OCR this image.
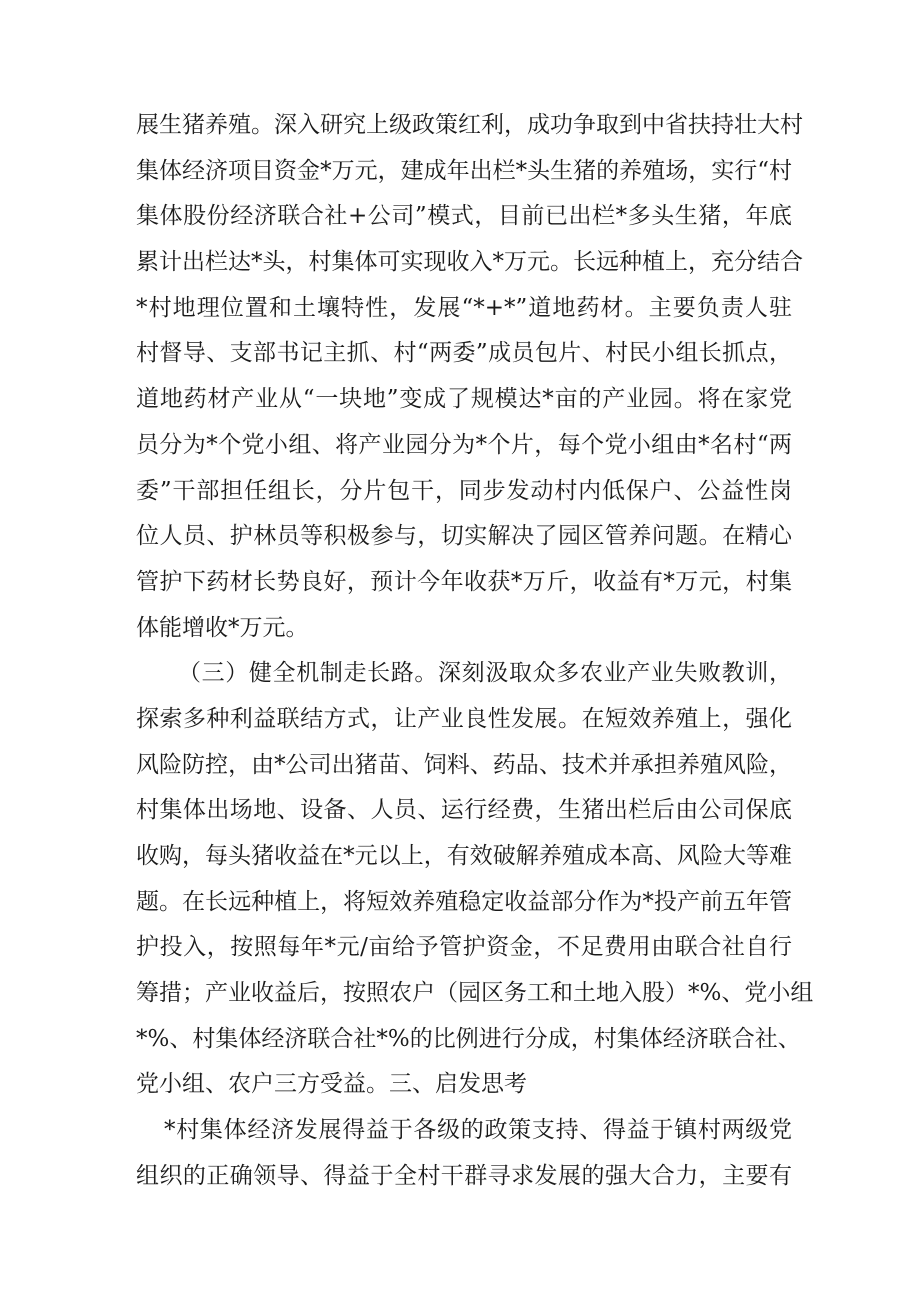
展生猪养殖。深入研究上级政策红利，成功争取到中省扶持壮大村
集体经济项目资金*万元，建成年出栏*头生猪的养殖场，实行“村
集体股份经济联合社+公司”模式，目前已出栏*多头生猪，年底
累计出栏达*头，村集体可实现收入*万元。长远种植上，充分结合
*村地理位置和土壤特性，发展“*+*”道地药材。主要负责人驻
村督导、支部书记主抓、村“两委”成员包片、村民小组长抓点，
道地药材产业从“一块地”变成了规模达*亩的产业园。将在家党
员分为*个党小组、将产业园分为*个片，每个党小组由*名村“两
委”干部担任组长，分片包干，同步发动村内低保户、公益性岗
位人员、护林员等积极参与，切实解决了园区管养问题。在精心
管护下药材长势良好，预计今年收获*万斤，收益有*万元，村集
体能增收*万元。
（三）健全机制走长路。深刻汲取众多农业产业失败教训，
探索多种利益联结方式，让产业良性发展。在短效养殖上，强化
风险防控，由*公司出猪苗、饲料、药品、技术并承担养殖风险，
村集体出场地、设备、人员、运行经费，生猪出栏后由公司保底
收购，每头猪收益在*元以上，有效破解养殖成本高、风险大等难
题。在长远种植上，将短效养殖稳定收益部分作为*投产前五年管
护投入，按照每年*元/亩给予管护资金，不足费用由联合社自行
筹措；产业收益后，按照农户（园区务工和土地入股）*%、党小组
*%、村集体经济联合社*%的比例进行分成，村集体经济联合社、
党小组、农户三方受益。三、启发思考
*村集体经济发展得益于各级的政策支持、得益于镇村两级党
组织的正确领导、得益于全村干群寻求发展的强大合力，主要有
